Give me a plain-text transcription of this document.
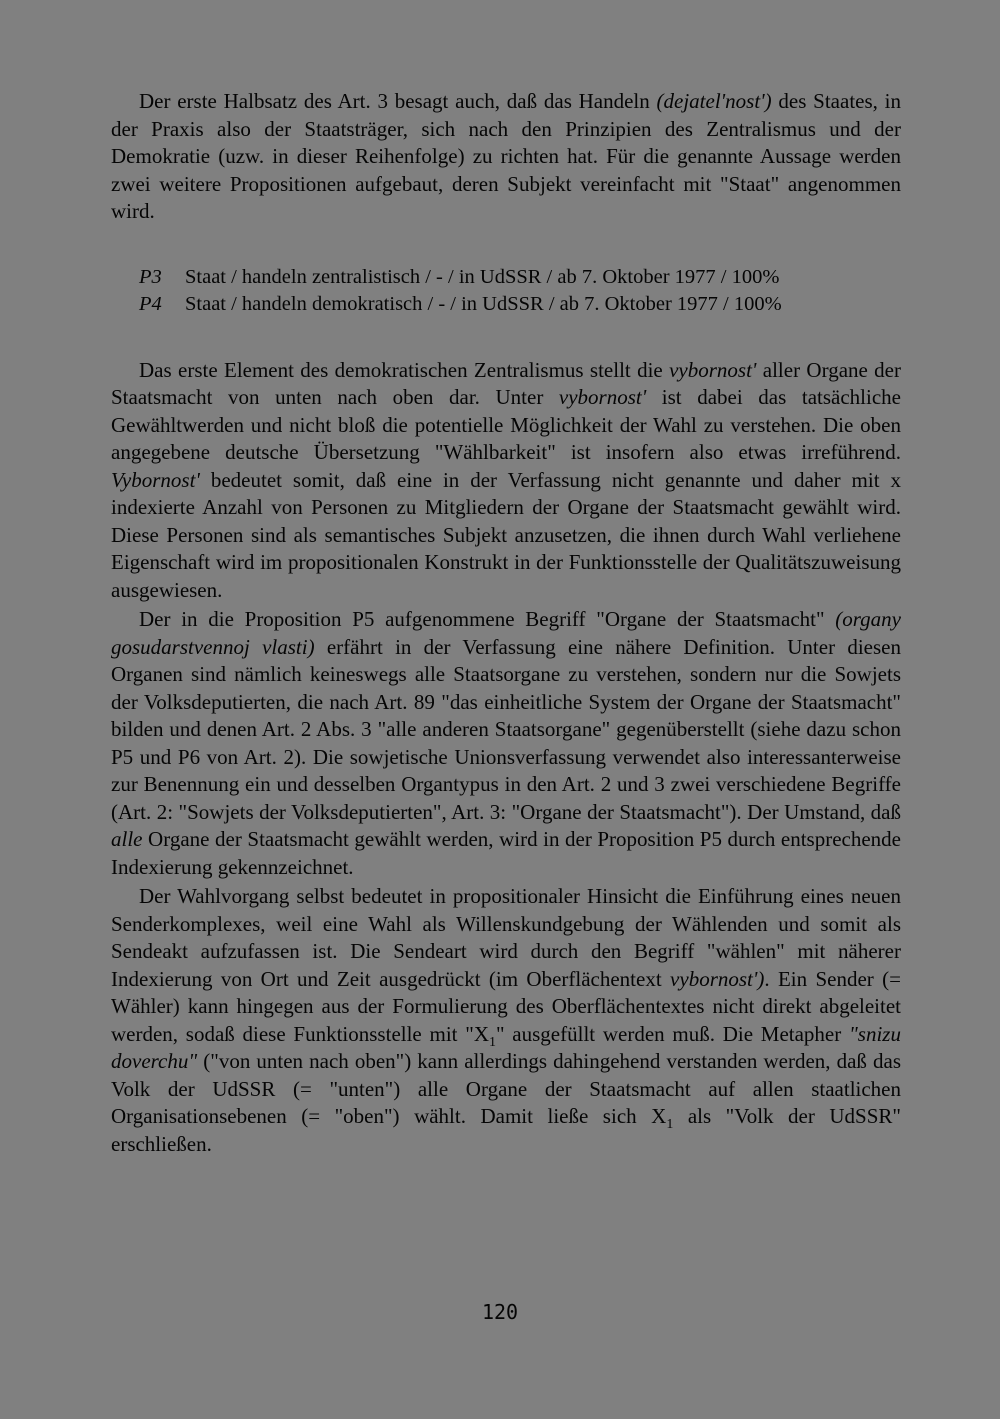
Der erste Halbsatz des Art. 3 besagt auch, daß das Handeln (dejatel'nost') des Staates, in der Praxis also der Staatsträger, sich nach den Prinzipien des Zentralismus und der Demokratie (uzw. in dieser Reihenfolge) zu richten hat. Für die genannte Aussage werden zwei weitere Propositionen aufgebaut, deren Subjekt vereinfacht mit "Staat" angenommen wird.

P3 Staat / handeln zentralistisch / - / in UdSSR / ab 7. Oktober 1977 / 100%
P4 Staat / handeln demokratisch / - / in UdSSR / ab 7. Oktober 1977 / 100%

Das erste Element des demokratischen Zentralismus stellt die vybornost' aller Organe der Staatsmacht von unten nach oben dar. Unter vybornost' ist dabei das tatsächliche Gewähltwerden und nicht bloß die potentielle Möglichkeit der Wahl zu verstehen. Die oben angegebene deutsche Übersetzung "Wählbarkeit" ist insofern also etwas irreführend. Vybornost' bedeutet somit, daß eine in der Verfassung nicht genannte und daher mit x indexierte Anzahl von Personen zu Mitgliedern der Organe der Staatsmacht gewählt wird. Diese Personen sind als semantisches Subjekt anzusetzen, die ihnen durch Wahl verliehene Eigenschaft wird im propositionalen Konstrukt in der Funktionsstelle der Qualitätszuweisung ausgewiesen.

Der in die Proposition P5 aufgenommene Begriff "Organe der Staatsmacht" (organy gosudarstvennoj vlasti) erfährt in der Verfassung eine nähere Definition. Unter diesen Organen sind nämlich keineswegs alle Staatsorgane zu verstehen, sondern nur die Sowjets der Volksdeputierten, die nach Art. 89 "das einheitliche System der Organe der Staatsmacht" bilden und denen Art. 2 Abs. 3 "alle anderen Staatsorgane" gegenüberstellt (siehe dazu schon P5 und P6 von Art. 2). Die sowjetische Unionsverfassung verwendet also interessanterweise zur Benennung ein und desselben Organtypus in den Art. 2 und 3 zwei verschiedene Begriffe (Art. 2: "Sowjets der Volksdeputierten", Art. 3: "Organe der Staatsmacht"). Der Umstand, daß alle Organe der Staatsmacht gewählt werden, wird in der Proposition P5 durch entsprechende Indexierung gekennzeichnet.

Der Wahlvorgang selbst bedeutet in propositionaler Hinsicht die Einführung eines neuen Senderkomplexes, weil eine Wahl als Willenskundgebung der Wählenden und somit als Sendeakt aufzufassen ist. Die Sendeart wird durch den Begriff "wählen" mit näherer Indexierung von Ort und Zeit ausgedrückt (im Oberflächentext vybornost'). Ein Sender (= Wähler) kann hingegen aus der Formulierung des Oberflächentextes nicht direkt abgeleitet werden, sodaß diese Funktionsstelle mit "$X_1$" ausgefüllt werden muß. Die Metapher "snizu doverchu" ("von unten nach oben") kann allerdings dahingehend verstanden werden, daß das Volk der UdSSR (= "unten") alle Organe der Staatsmacht auf allen staatlichen Organisationsebenen (= "oben") wählt. Damit ließe sich $X_1$ als "Volk der UdSSR" erschließen.

120
